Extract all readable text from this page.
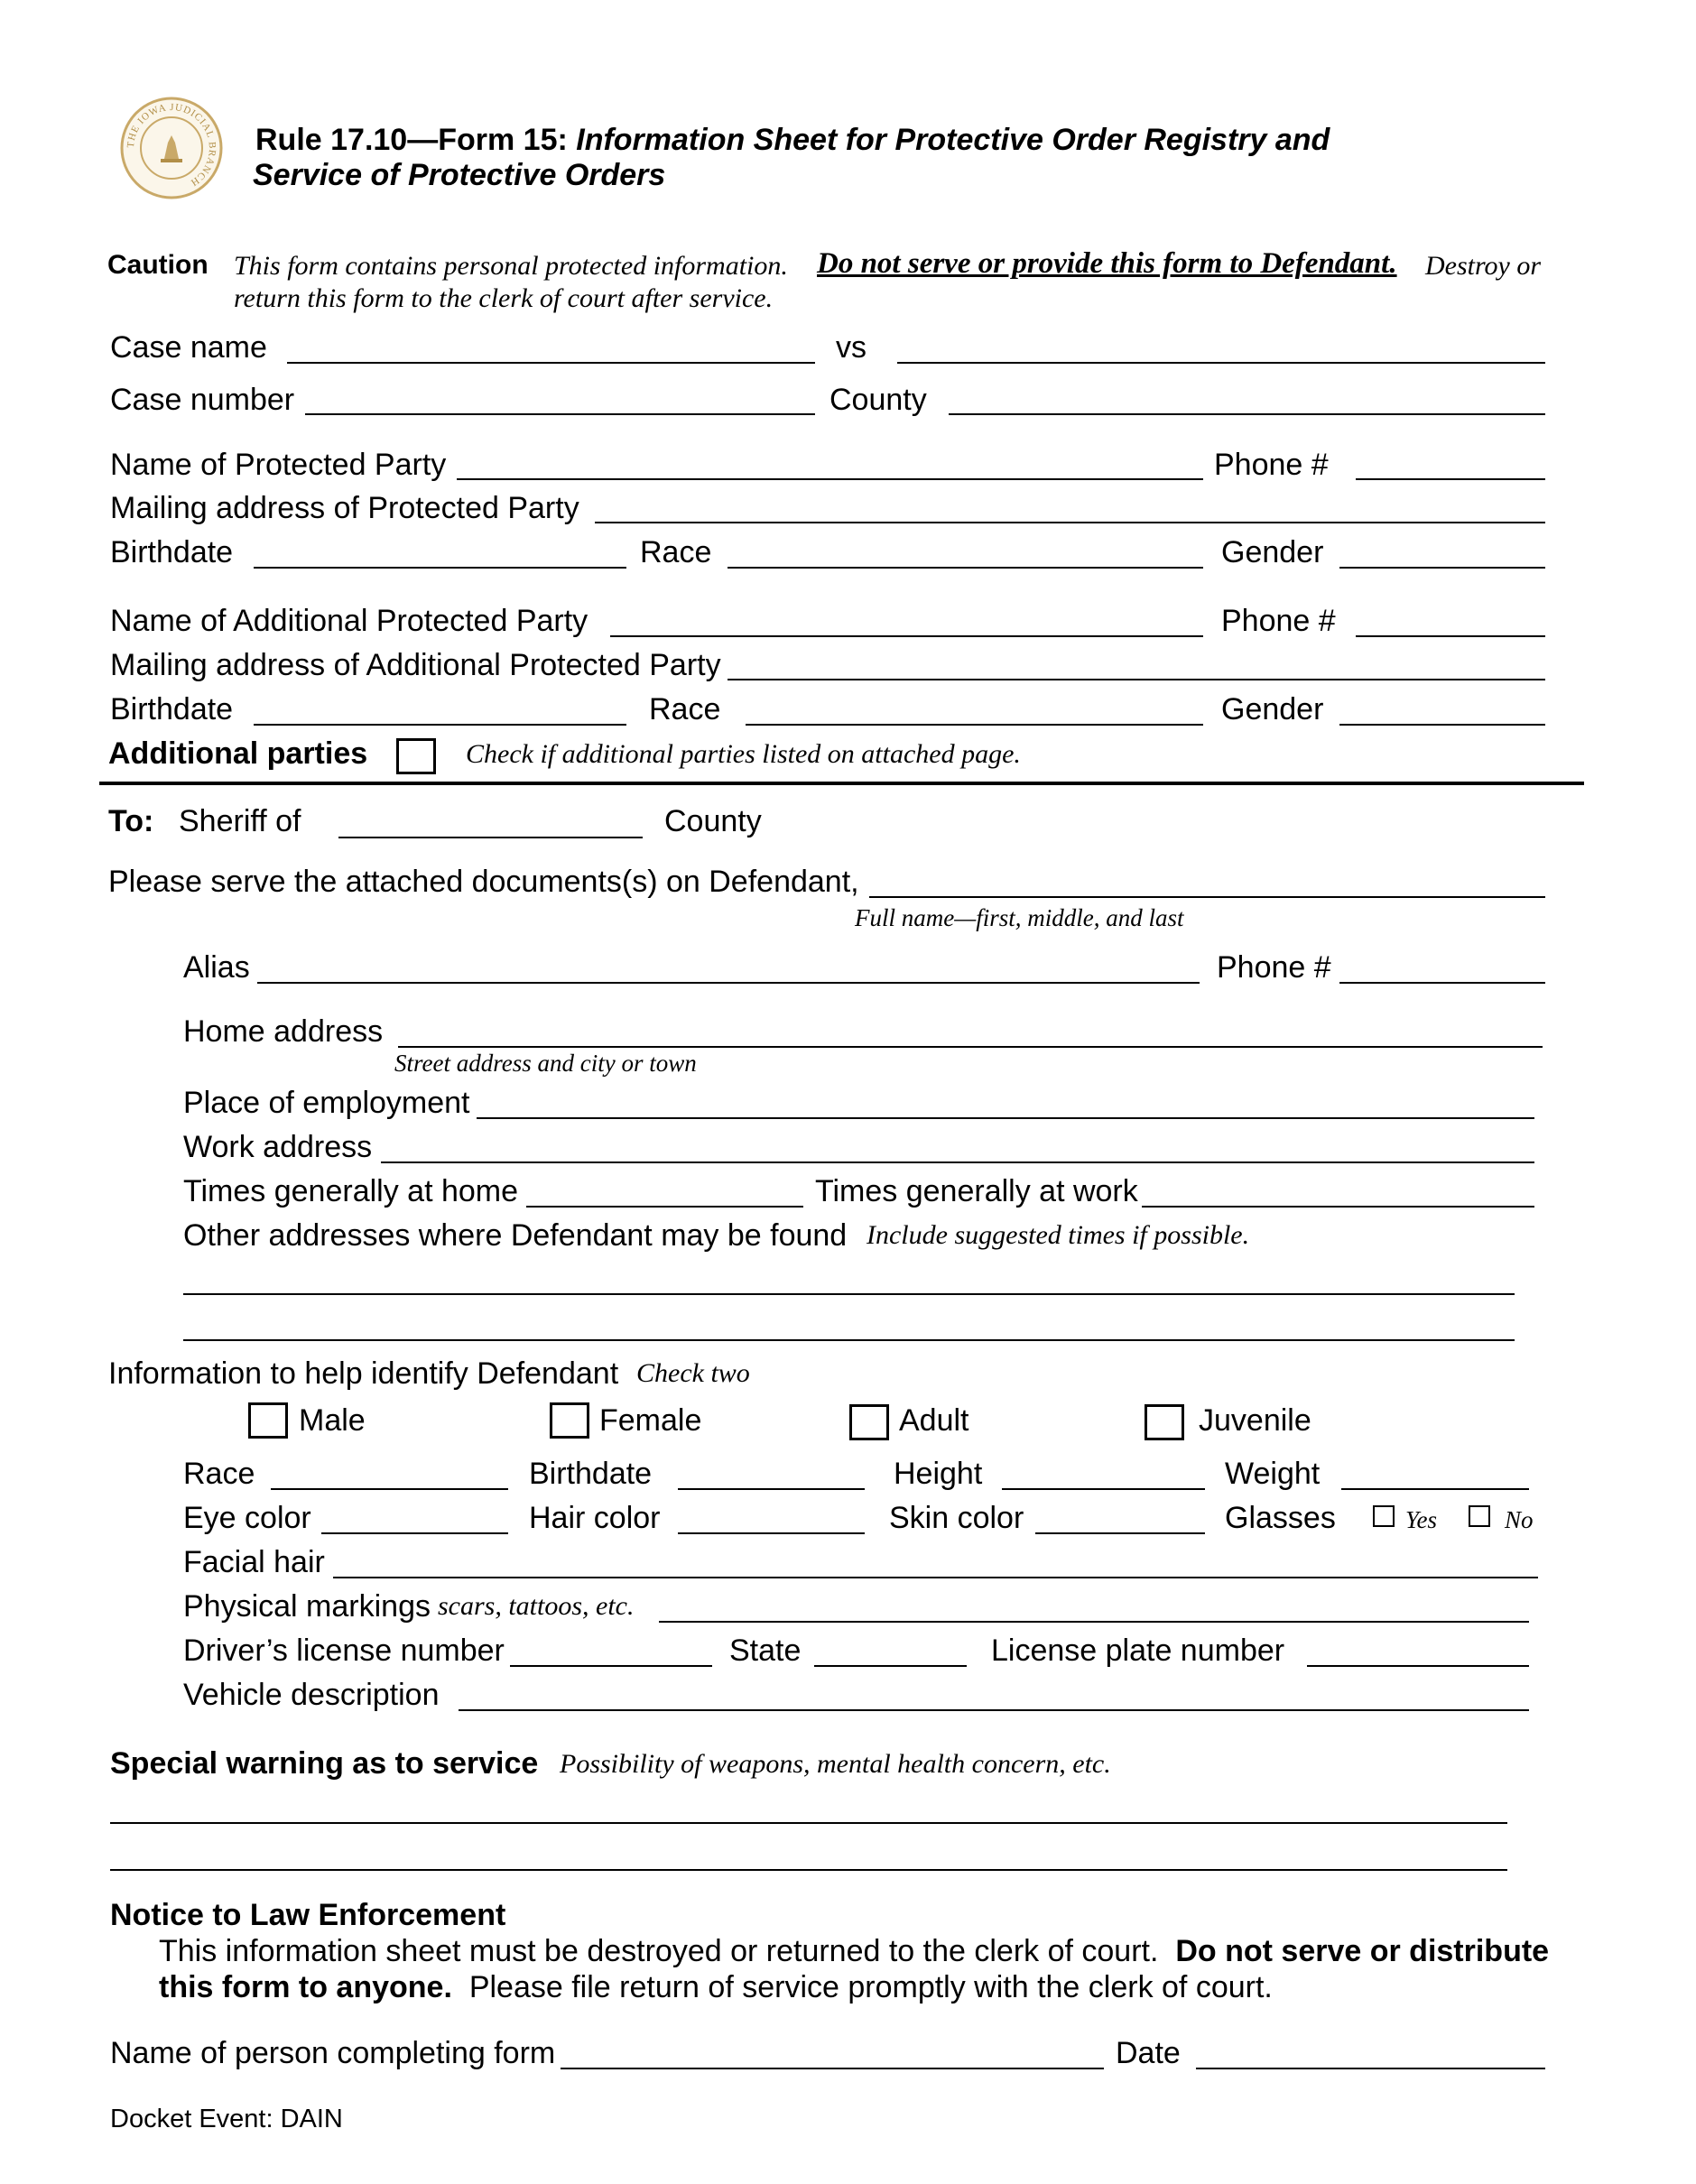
THE IOWA JUDICIAL BRANCH
Rule 17.10—Form 15: Information Sheet for Protective Order Registry and
Service of Protective Orders
Caution This form contains personal protected information. Do not serve or provide this form to Defendant. Destroy or
return this form to the clerk of court after service.
Case name	vs
Case number	County
Name of Protected Party	Phone #
Mailing address of Protected Party
Birthdate	Race	Gender
Name of Additional Protected Party	Phone #
Mailing address of Additional Protected Party
Birthdate	Race	Gender
Additional parties	Check if additional parties listed on attached page.
To: Sheriff of	County
Please serve the attached documents(s) on Defendant,
Full name—first, middle, and last
Alias	Phone #
Home address
Street address and city or town
Place of employment
Work address
Times generally at home	Times generally at work
Other addresses where Defendant may be found Include suggested times if possible.
Information to help identify Defendant Check two
Male	Female	Adult	Juvenile
Race	Birthdate	Height	Weight
Eye color	Hair color	Skin color	Glasses	Yes	No
Facial hair
Physical markings scars, tattoos, etc.
Driver’s license number	State	License plate number
Vehicle description
Special warning as to service Possibility of weapons, mental health concern, etc.
Notice to Law Enforcement
This information sheet must be destroyed or returned to the clerk of court. Do not serve or distribute
this form to anyone. Please file return of service promptly with the clerk of court.
Name of person completing form	Date
Docket Event: DAIN
